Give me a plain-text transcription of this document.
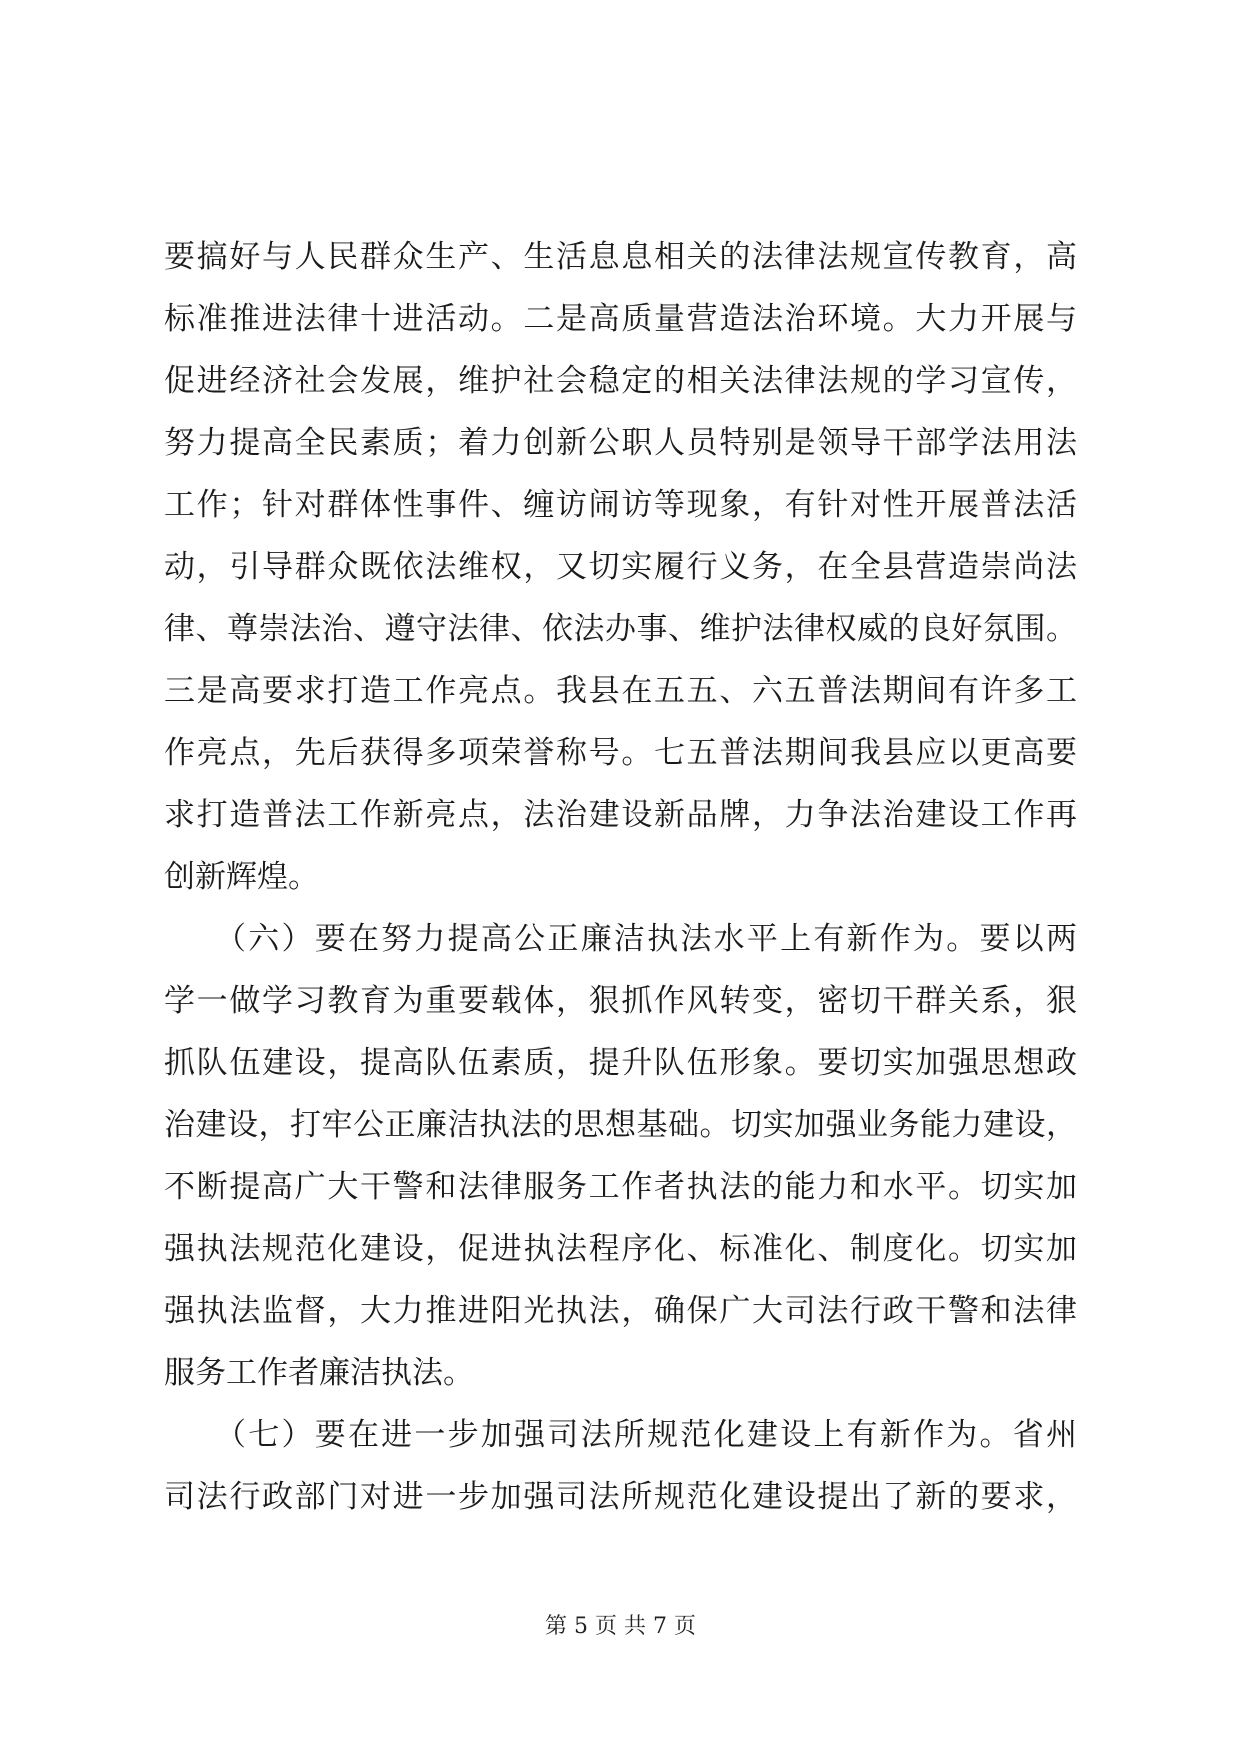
要搞好与人民群众生产、生活息息相关的法律法规宣传教育，高
标准推进法律十进活动。二是高质量营造法治环境。大力开展与
促进经济社会发展，维护社会稳定的相关法律法规的学习宣传，
努力提高全民素质；着力创新公职人员特别是领导干部学法用法
工作；针对群体性事件、缠访闹访等现象，有针对性开展普法活
动，引导群众既依法维权，又切实履行义务，在全县营造崇尚法
律、尊崇法治、遵守法律、依法办事、维护法律权威的良好氛围。
三是高要求打造工作亮点。我县在五五、六五普法期间有许多工
作亮点，先后获得多项荣誉称号。七五普法期间我县应以更高要
求打造普法工作新亮点，法治建设新品牌，力争法治建设工作再
创新辉煌。
　　（六）要在努力提高公正廉洁执法水平上有新作为。要以两
学一做学习教育为重要载体，狠抓作风转变，密切干群关系，狠
抓队伍建设，提高队伍素质，提升队伍形象。要切实加强思想政
治建设，打牢公正廉洁执法的思想基础。切实加强业务能力建设，
不断提高广大干警和法律服务工作者执法的能力和水平。切实加
强执法规范化建设，促进执法程序化、标准化、制度化。切实加
强执法监督，大力推进阳光执法，确保广大司法行政干警和法律
服务工作者廉洁执法。
　　（七）要在进一步加强司法所规范化建设上有新作为。省州
司法行政部门对进一步加强司法所规范化建设提出了新的要求，
第 5 页 共 7 页
